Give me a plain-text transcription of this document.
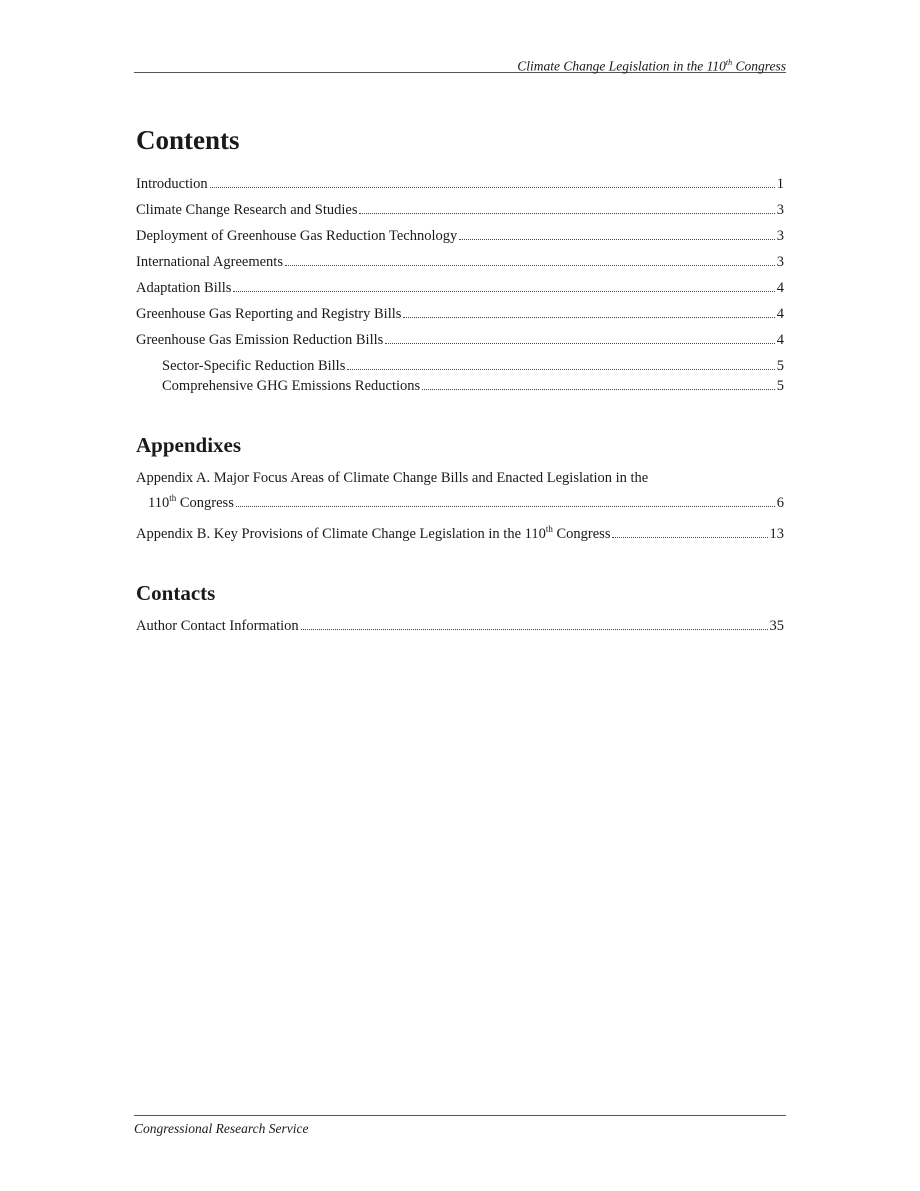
Climate Change Legislation in the 110th Congress
Contents
Introduction	1
Climate Change Research and Studies	3
Deployment of Greenhouse Gas Reduction Technology	3
International Agreements	3
Adaptation Bills	4
Greenhouse Gas Reporting and Registry Bills	4
Greenhouse Gas Emission Reduction Bills	4
Sector-Specific Reduction Bills	5
Comprehensive GHG Emissions Reductions	5
Appendixes
Appendix A. Major Focus Areas of Climate Change Bills and Enacted Legislation in the
110th Congress	6
Appendix B. Key Provisions of Climate Change Legislation in the 110th Congress	13
Contacts
Author Contact Information	35
Congressional Research Service
